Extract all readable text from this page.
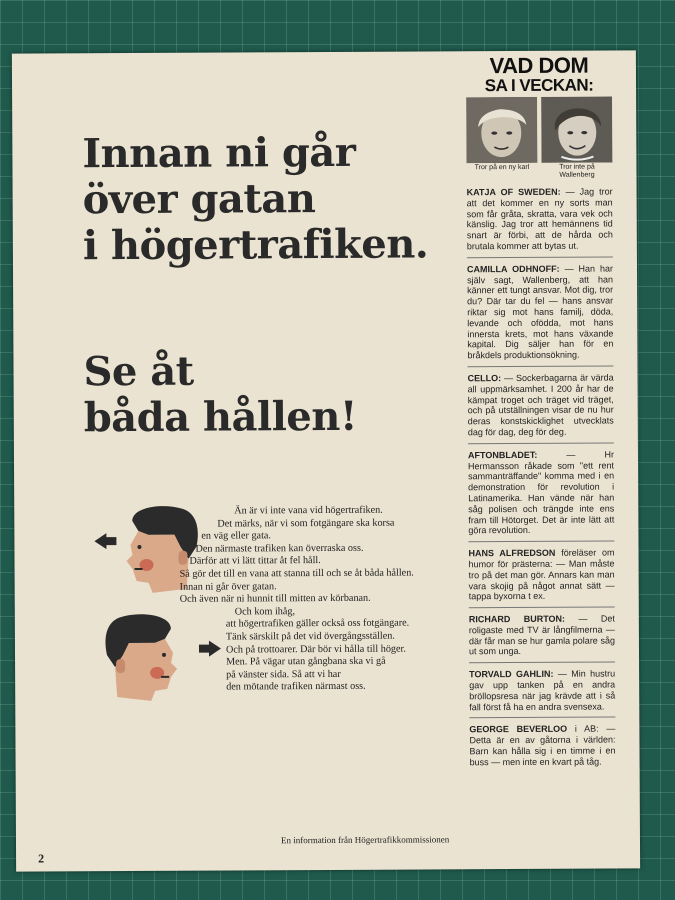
Innan ni går
över gatan
i högertrafiken.
Se åt
båda hållen!
Än är vi inte vana vid högertrafiken.
Det märks, när vi som fotgängare ska korsa
en väg eller gata.
Den närmaste trafiken kan överraska oss.
Därför att vi lätt tittar åt fel håll.
Så gör det till en vana att stanna till och se åt båda hållen.
Innan ni går över gatan.
Och även när ni hunnit till mitten av körbanan.
Och kom ihåg,
att högertrafiken gäller också oss fotgängare.
Tänk särskilt på det vid övergångsställen.
Och på trottoarer. Där bör vi hålla till höger.
Men. På vägar utan gångbana ska vi gå
på vänster sida. Så att vi har
den mötande trafiken närmast oss.
En information från Högertrafikkommissionen
2
VAD DOM
SA I VECKAN:
Tror på en ny karl	Tror inte på Wallenberg

KATJA OF SWEDEN: — Jag tror att det kommer en ny sorts man som får gråta, skratta, vara vek och känslig. Jag tror att hemännens tid snart är förbi, att de hårda och brutala kommer att bytas ut.

CAMILLA ODHNOFF: — Han har själv sagt, Wallenberg, att han känner ett tungt ansvar. Mot dig, tror du? Där tar du fel — hans ansvar riktar sig mot hans familj, döda, levande och ofödda, mot hans innersta krets, mot hans växande kapital. Dig säljer han för en bråkdels produktionsökning.

CELLO: — Sockerbagarna är värda all uppmärksamhet. I 200 år har de kämpat troget och träget vid träget, och på utställningen visar de nu hur deras konstskicklighet utvecklats dag för dag, deg för deg.

AFTONBLADET: — Hr Hermansson råkade som "ett rent sammanträffande" komma med i en demonstration för revolution i Latinamerika. Han vände när han såg polisen och trängde inte ens fram till Hötorget. Det är inte lätt att göra revolution.

HANS ALFREDSON föreläser om humor för prästerna: — Man måste tro på det man gör. Annars kan man vara skojig på något annat sätt — tappa byxorna t ex.

RICHARD BURTON: — Det roligaste med TV är långfilmerna — där får man se hur gamla polare såg ut som unga.

TORVALD GAHLIN: — Min hustru gav upp tanken på en andra bröllopsresa när jag krävde att i så fall först få ha en andra svensexa.

GEORGE BEVERLOO i AB: — Detta är en av gåtorna i världen: Barn kan hålla sig i en timme i en buss — men inte en kvart på tåg.
